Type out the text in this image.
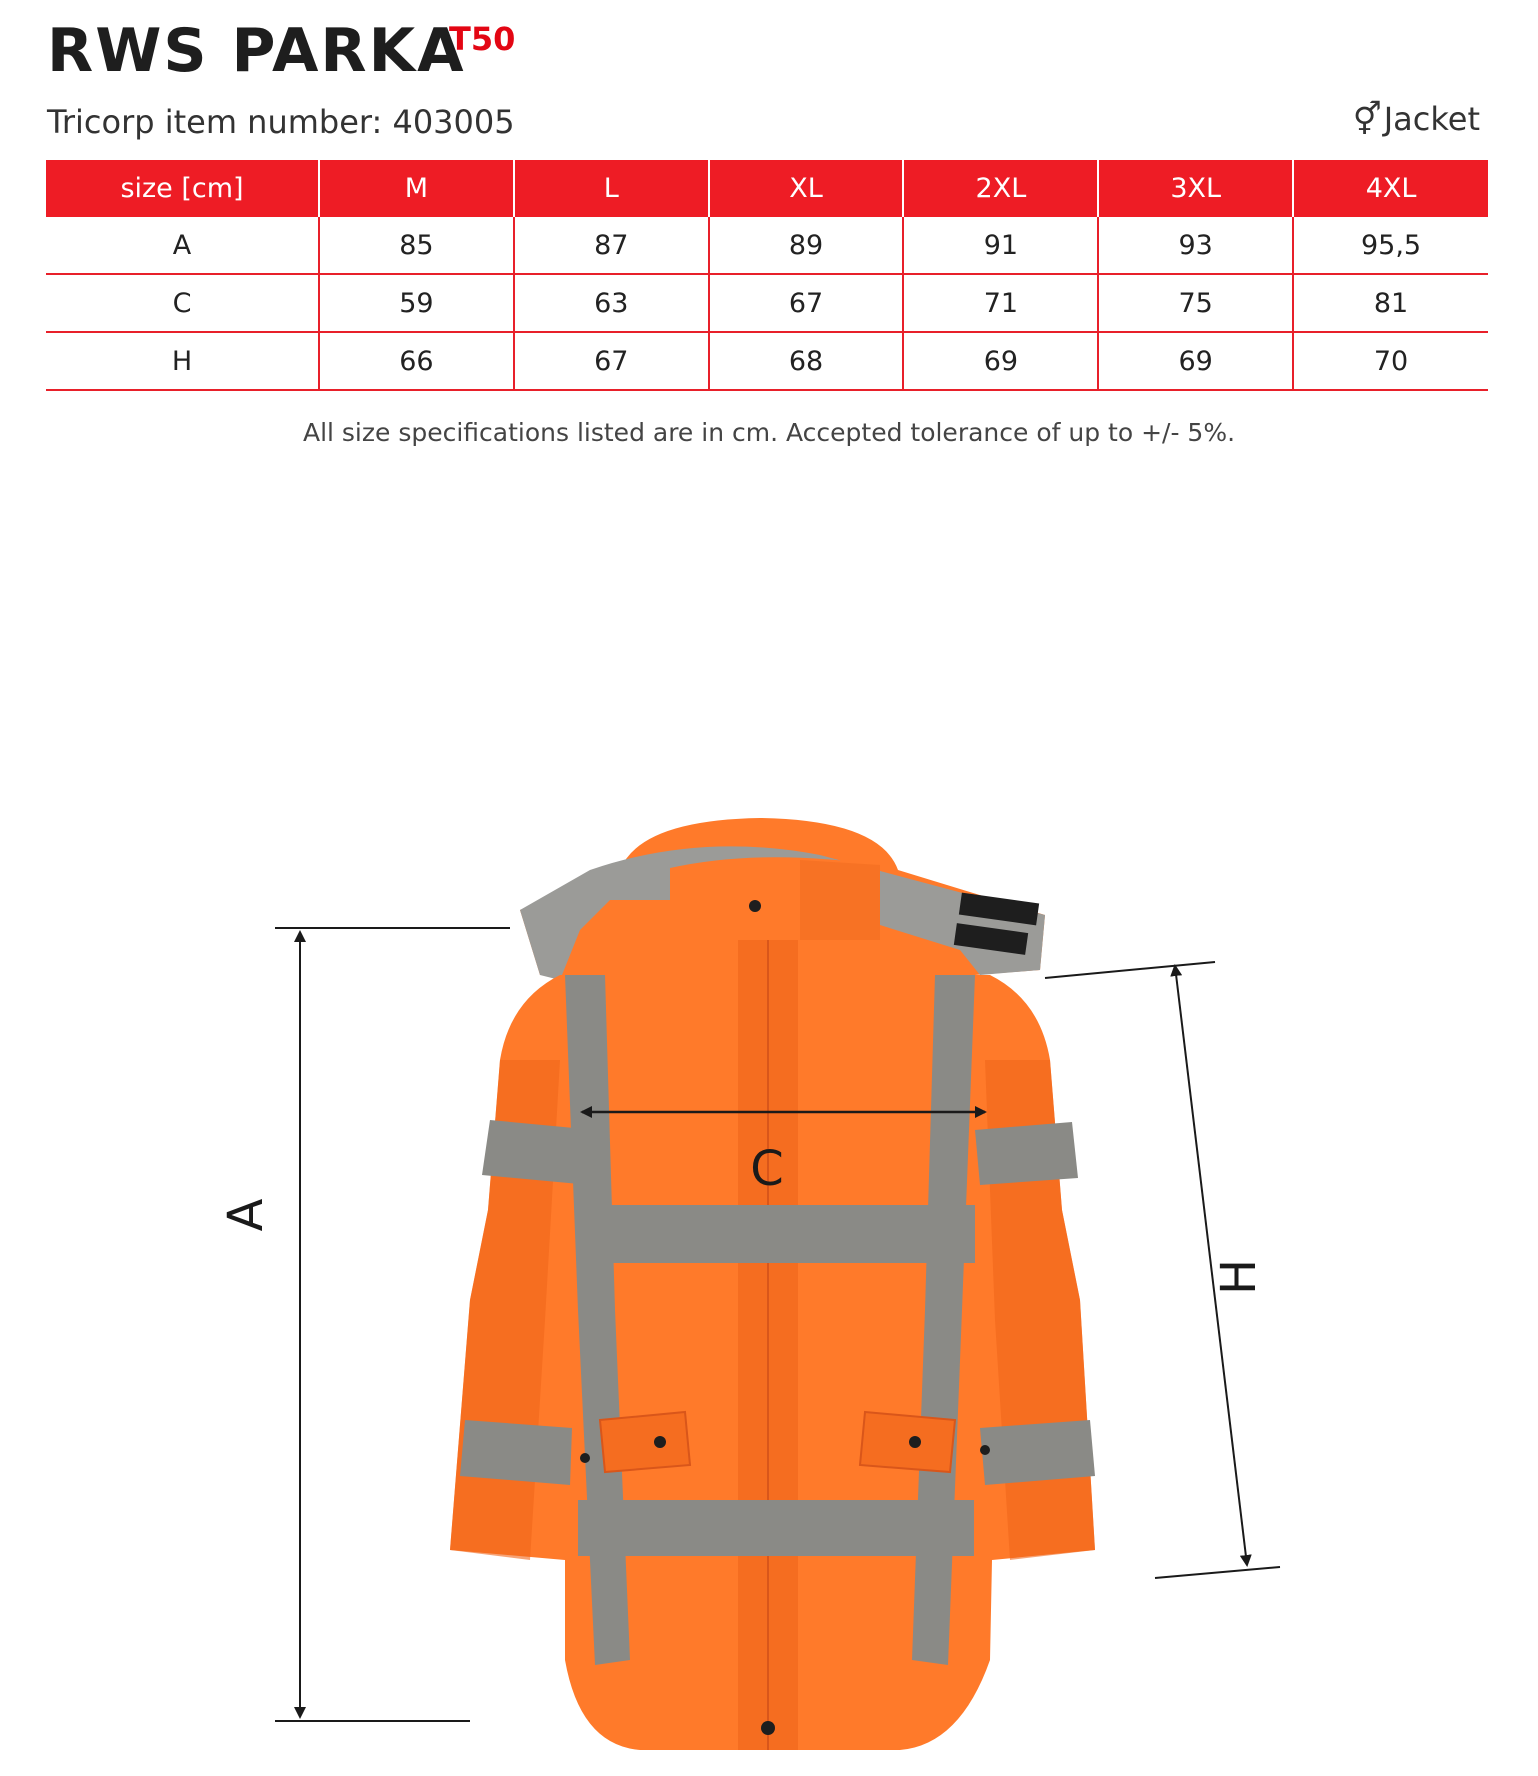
RWS PARKA
T50
Tricorp item number: 403005	⚥ Jacket
size [cm]	M	L	XL	2XL	3XL	4XL
A	85	87	89	91	93	95,5
C	59	63	67	71	75	81
H	66	67	68	69	69	70
All size specifications listed are in cm. Accepted tolerance of up to +/- 5%.
A
C
H
